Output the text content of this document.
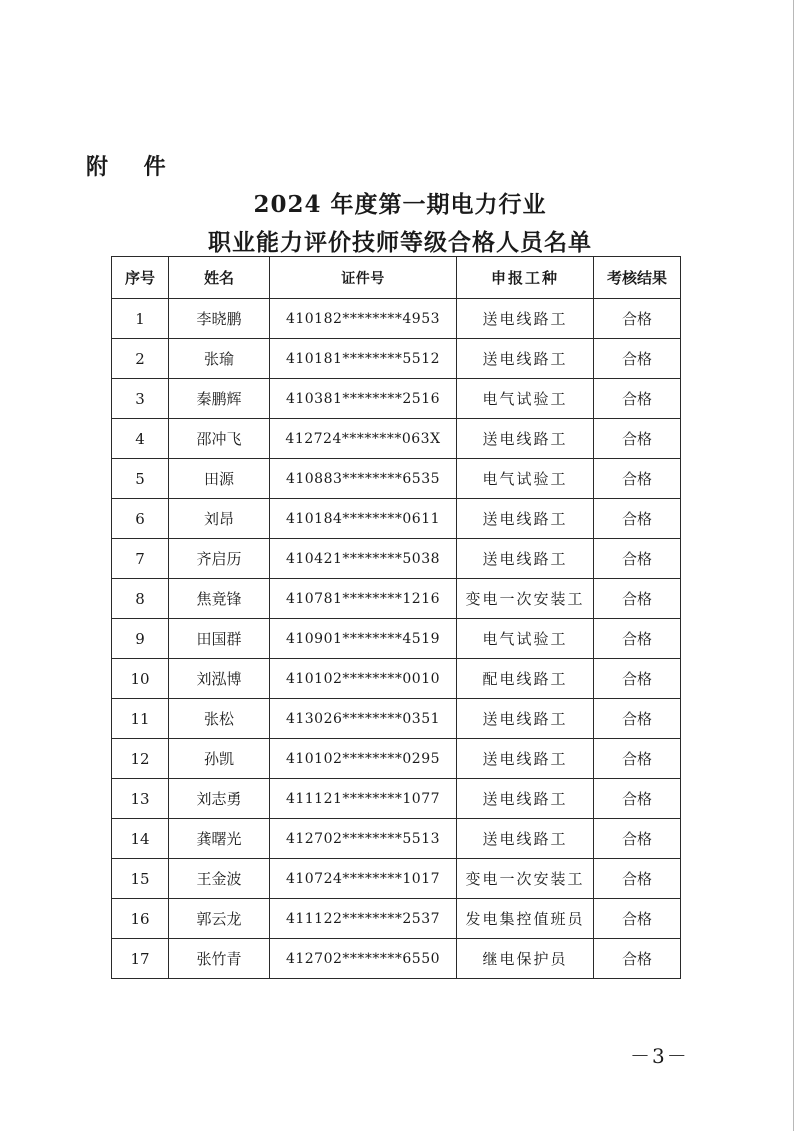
附 件
2024 年度第一期电力行业
职业能力评价技师等级合格人员名单
序号	姓名	证件号	申报工种	考核结果
1	李晓鹏	410182********4953	送电线路工	合格
2	张瑜	410181********5512	送电线路工	合格
3	秦鹏辉	410381********2516	电气试验工	合格
4	邵冲飞	412724********063X	送电线路工	合格
5	田源	410883********6535	电气试验工	合格
6	刘昂	410184********0611	送电线路工	合格
7	齐启历	410421********5038	送电线路工	合格
8	焦竟锋	410781********1216	变电一次安装工	合格
9	田国群	410901********4519	电气试验工	合格
10	刘泓博	410102********0010	配电线路工	合格
11	张松	413026********0351	送电线路工	合格
12	孙凯	410102********0295	送电线路工	合格
13	刘志勇	411121********1077	送电线路工	合格
14	龚曙光	412702********5513	送电线路工	合格
15	王金波	410724********1017	变电一次安装工	合格
16	郭云龙	411122********2537	发电集控值班员	合格
17	张竹青	412702********6550	继电保护员	合格
－3－
